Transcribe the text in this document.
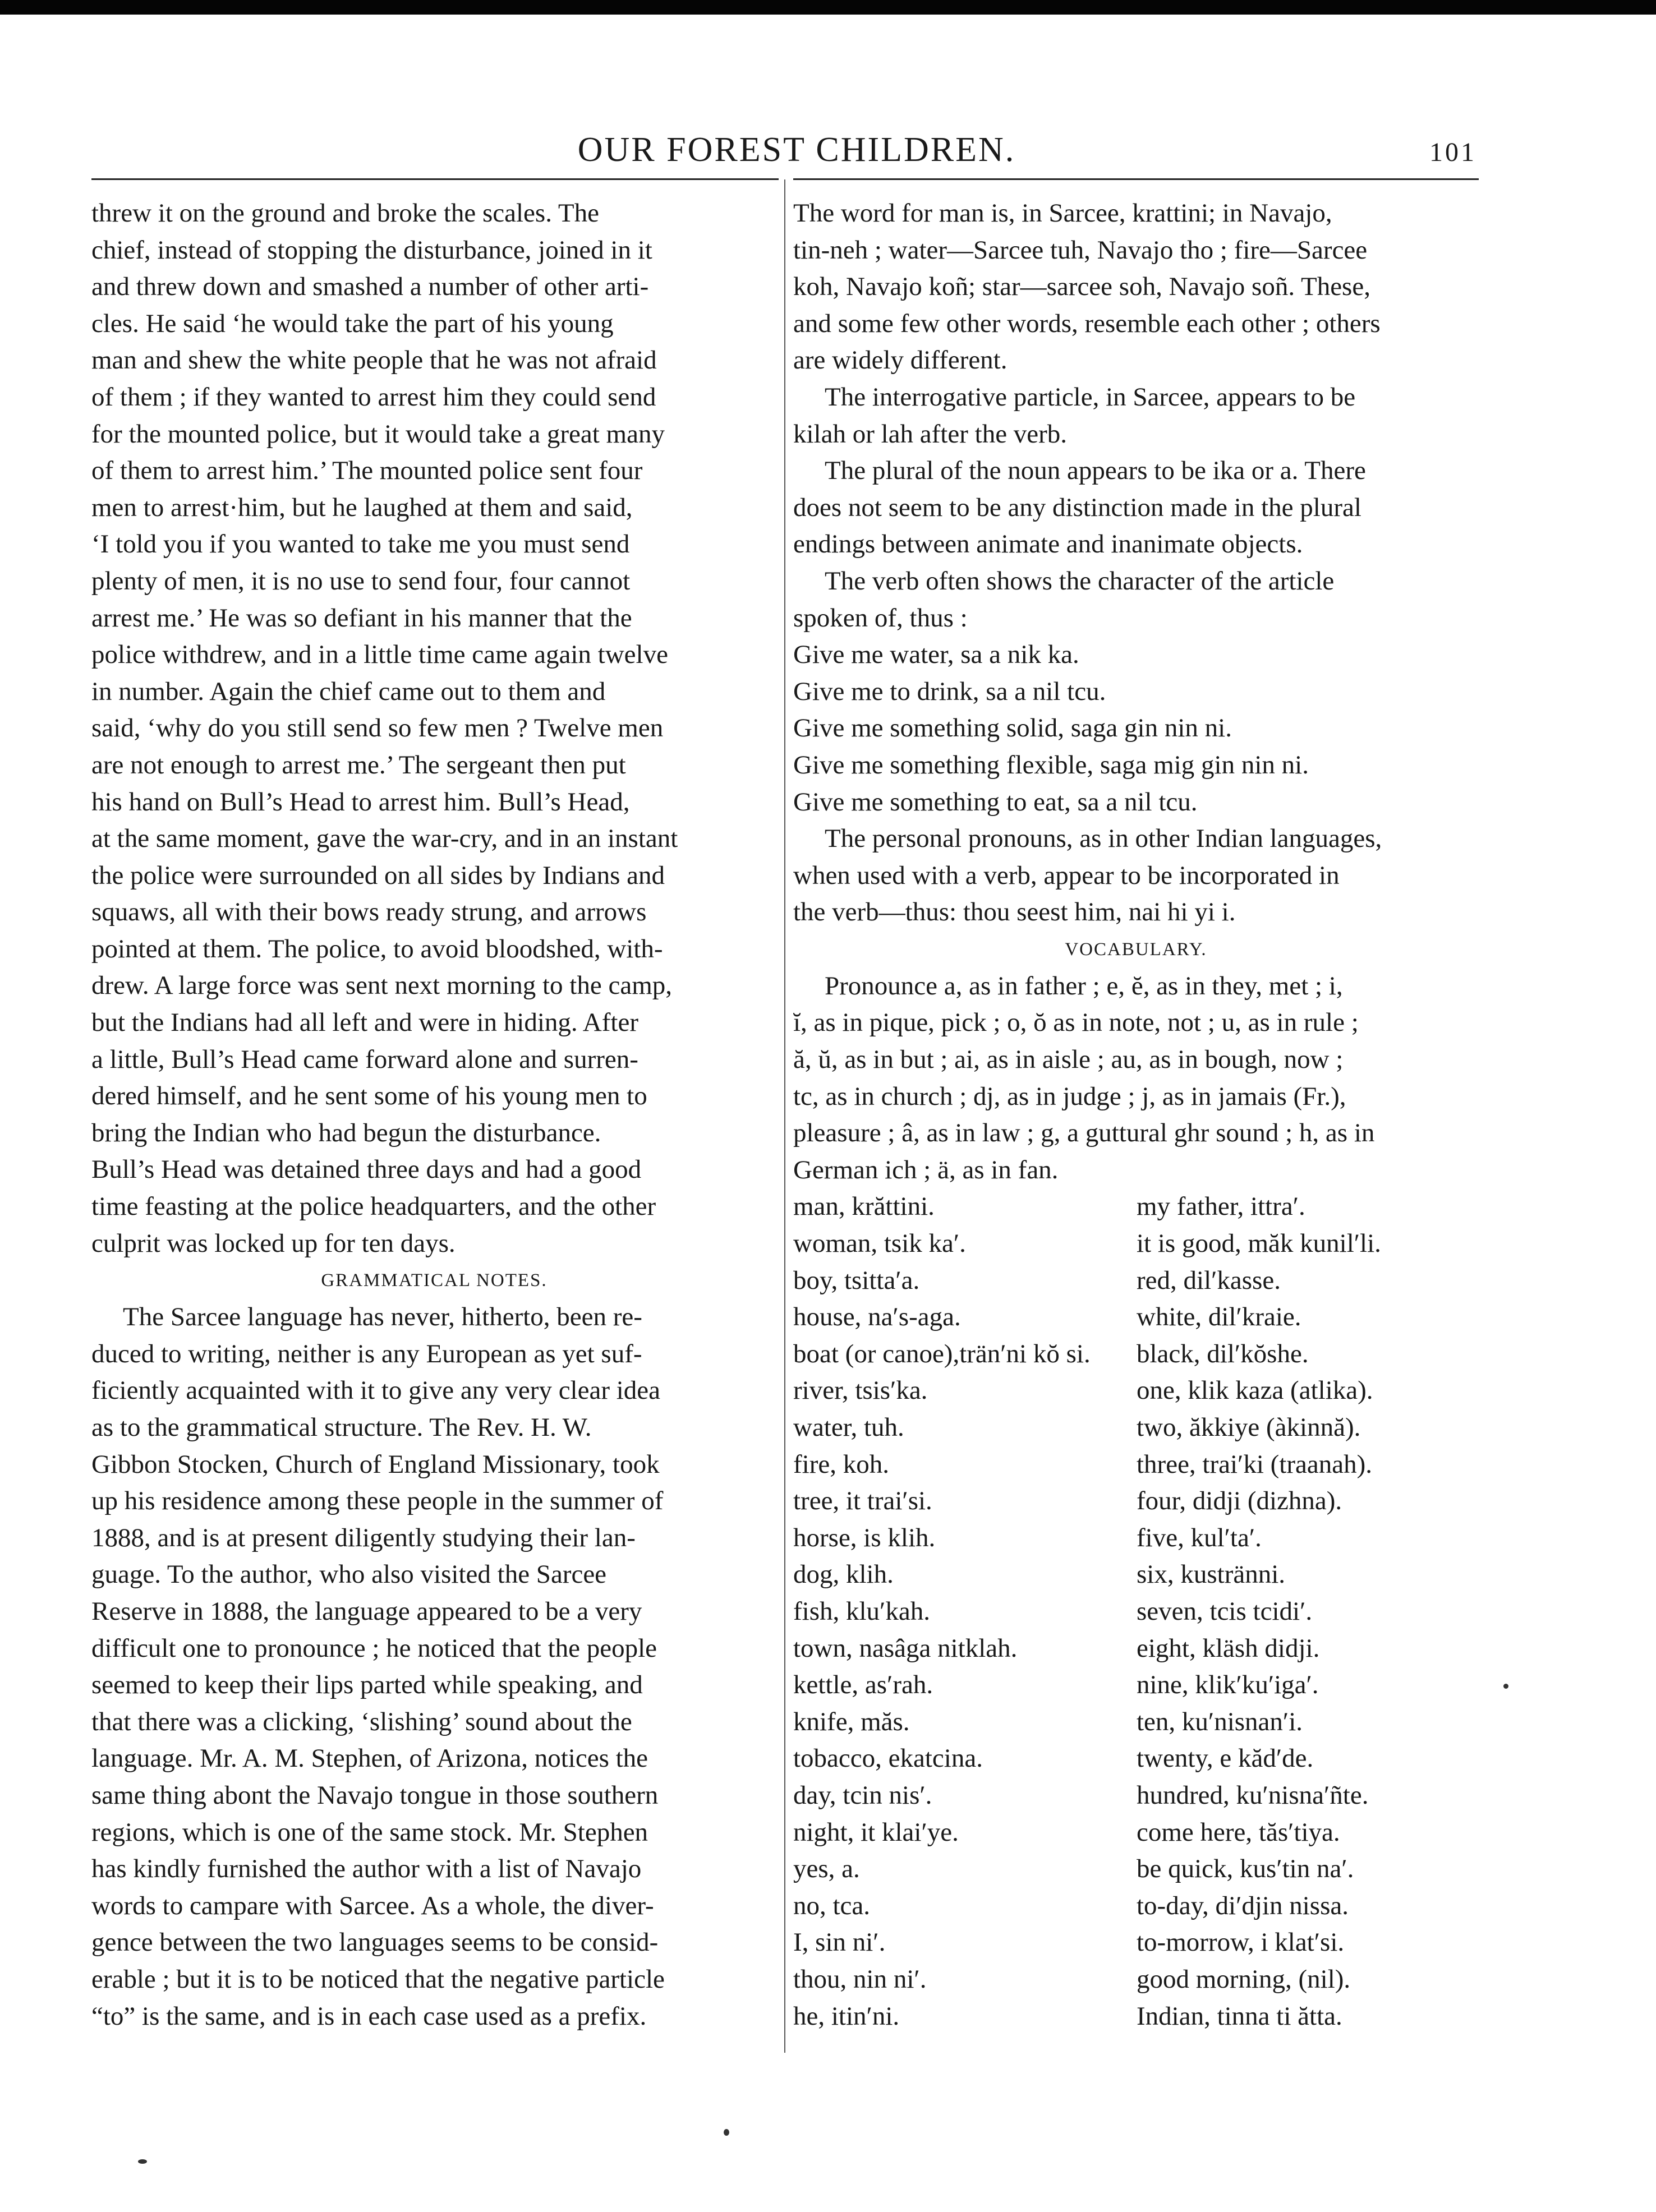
OUR FOREST CHILDREN.	101
threw it on the ground and broke the scales. The
chief, instead of stopping the disturbance, joined in it
and threw down and smashed a number of other arti-
cles. He said ‘he would take the part of his young
man and shew the white people that he was not afraid
of them ; if they wanted to arrest him they could send
for the mounted police, but it would take a great many
of them to arrest him.’ The mounted police sent four
men to arrest·him, but he laughed at them and said,
‘I told you if you wanted to take me you must send
plenty of men, it is no use to send four, four cannot
arrest me.’ He was so defiant in his manner that the
police withdrew, and in a little time came again twelve
in number. Again the chief came out to them and
said, ‘why do you still send so few men ? Twelve men
are not enough to arrest me.’ The sergeant then put
his hand on Bull’s Head to arrest him. Bull’s Head,
at the same moment, gave the war-cry, and in an instant
the police were surrounded on all sides by Indians and
squaws, all with their bows ready strung, and arrows
pointed at them. The police, to avoid bloodshed, with-
drew. A large force was sent next morning to the camp,
but the Indians had all left and were in hiding. After
a little, Bull’s Head came forward alone and surren-
dered himself, and he sent some of his young men to
bring the Indian who had begun the disturbance.
Bull’s Head was detained three days and had a good
time feasting at the police headquarters, and the other
culprit was locked up for ten days.
GRAMMATICAL NOTES.
The Sarcee language has never, hitherto, been re-
duced to writing, neither is any European as yet suf-
ficiently acquainted with it to give any very clear idea
as to the grammatical structure. The Rev. H. W.
Gibbon Stocken, Church of England Missionary, took
up his residence among these people in the summer of
1888, and is at present diligently studying their lan-
guage. To the author, who also visited the Sarcee
Reserve in 1888, the language appeared to be a very
difficult one to pronounce ; he noticed that the people
seemed to keep their lips parted while speaking, and
that there was a clicking, ‘slishing’ sound about the
language. Mr. A. M. Stephen, of Arizona, notices the
same thing abont the Navajo tongue in those southern
regions, which is one of the same stock. Mr. Stephen
has kindly furnished the author with a list of Navajo
words to campare with Sarcee. As a whole, the diver-
gence between the two languages seems to be consid-
erable ; but it is to be noticed that the negative particle
“to” is the same, and is in each case used as a prefix.
The word for man is, in Sarcee, krattini; in Navajo,
tin-neh ; water—Sarcee tuh, Navajo tho ; fire—Sarcee
koh, Navajo koñ; star—sarcee soh, Navajo soñ. These,
and some few other words, resemble each other ; others
are widely different.
The interrogative particle, in Sarcee, appears to be
kilah or lah after the verb.
The plural of the noun appears to be ika or a. There
does not seem to be any distinction made in the plural
endings between animate and inanimate objects.
The verb often shows the character of the article
spoken of, thus :
Give me water, sa a nik ka.
Give me to drink, sa a nil tcu.
Give me something solid, saga gin nin ni.
Give me something flexible, saga mig gin nin ni.
Give me something to eat, sa a nil tcu.
The personal pronouns, as in other Indian languages,
when used with a verb, appear to be incorporated in
the verb—thus: thou seest him, nai hi yi i.
VOCABULARY.
Pronounce a, as in father ; e, ĕ, as in they, met ; i,
ĭ, as in pique, pick ; o, ŏ as in note, not ; u, as in rule ;
ă, ŭ, as in but ; ai, as in aisle ; au, as in bough, now ;
tc, as in church ; dj, as in judge ; j, as in jamais (Fr.),
pleasure ; â, as in law ; g, a guttural ghr sound ; h, as in
German ich ; ä, as in fan.
man, krăttini.
woman, tsik ka′.
boy, tsitta′a.
house, na′s-aga.
boat (or canoe),trän′ni kŏ si.
river, tsis′ka.
water, tuh.
fire, koh.
tree, it trai′si.
horse, is klih.
dog, klih.
fish, klu′kah.
town, nasâga nitklah.
kettle, as′rah.
knife, măs.
tobacco, ekatcina.
day, tcin nis′.
night, it klai′ye.
yes, a.
no, tca.
I, sin ni′.
thou, nin ni′.
he, itin′ni.
my father, ittra′.
it is good, măk kunil′li.
red, dil′kasse.
white, dil′kraie.
black, dil′kŏshe.
one, klik kaza (atlika).
two, ăkkiye (àkinnă).
three, trai′ki (traanah).
four, didji (dizhna).
five, kul′ta′.
six, kustränni.
seven, tcis tcidi′.
eight, kläsh didji.
nine, klik′ku′iga′.
ten, ku′nisnan′i.
twenty, e kăd′de.
hundred, ku′nisna′ñte.
come here, tăs′tiya.
be quick, kus′tin na′.
to-day, di′djin nissa.
to-morrow, i klat′si.
good morning, (nil).
Indian, tinna ti ătta.
